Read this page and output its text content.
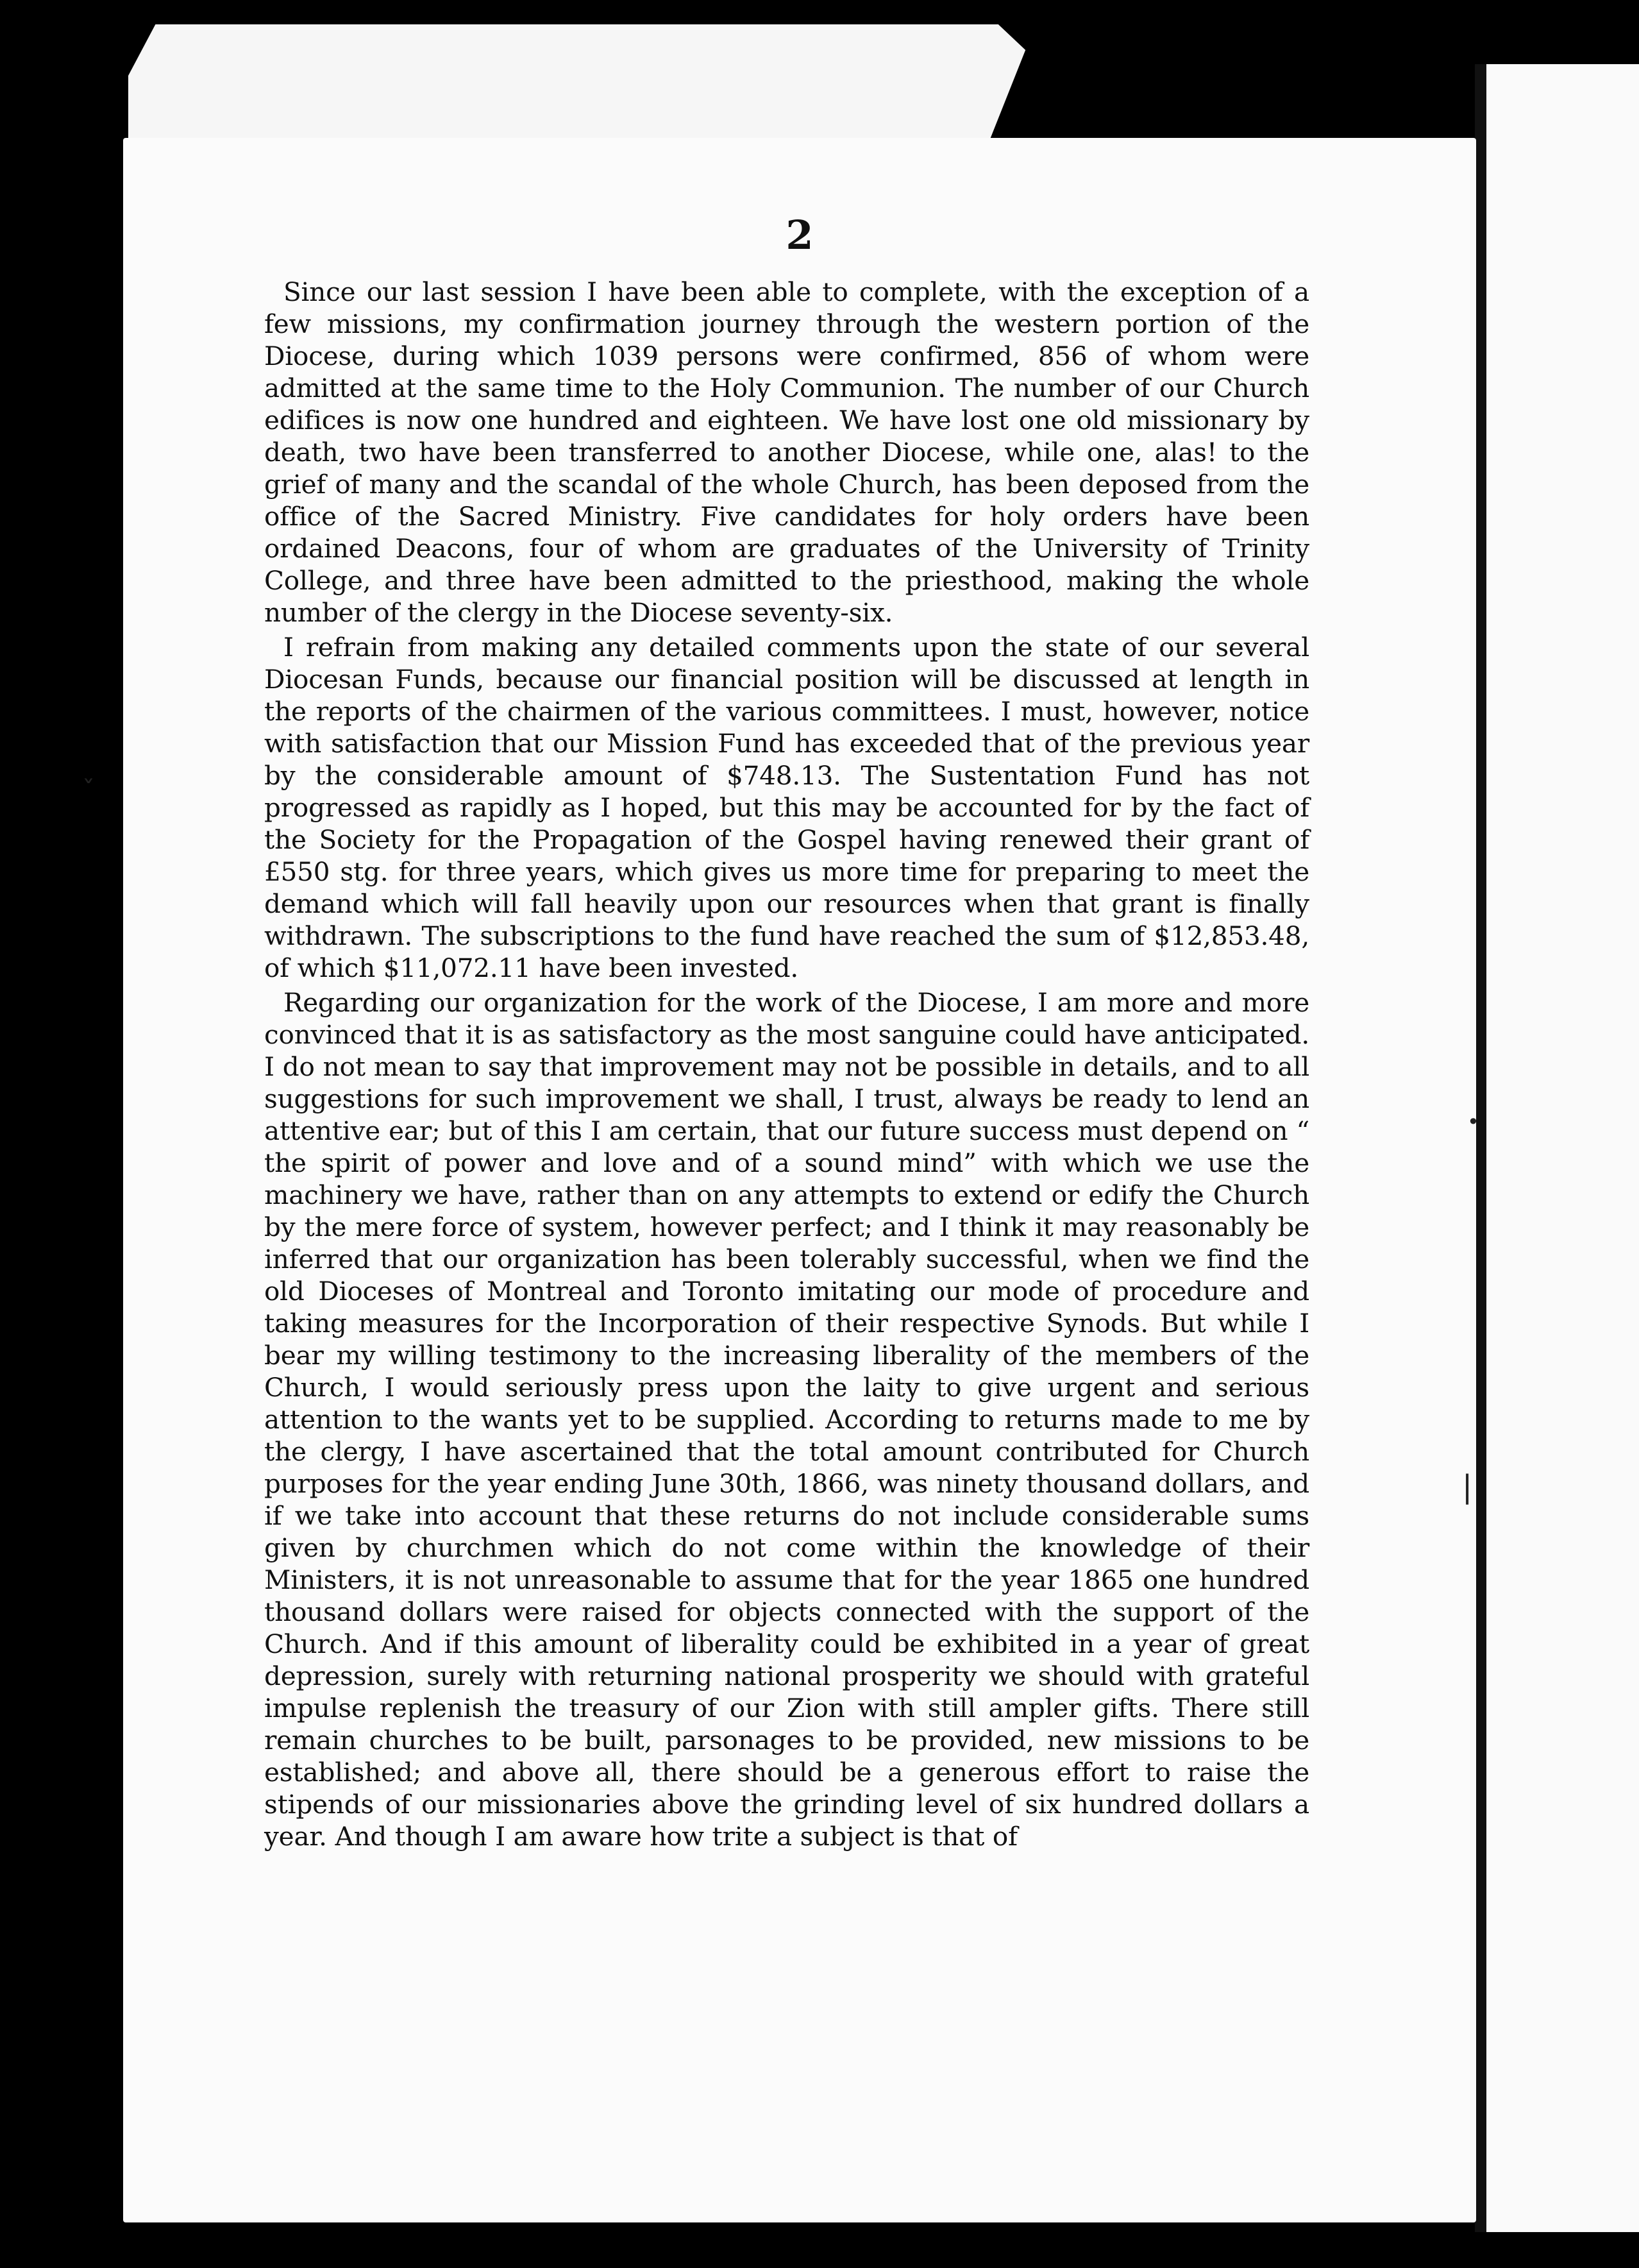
2

Since our last session I have been able to complete, with the exception of a few missions, my confirmation journey through the western portion of the Diocese, during which 1039 persons were confirmed, 856 of whom were admitted at the same time to the Holy Communion. The number of our Church edifices is now one hundred and eighteen. We have lost one old missionary by death, two have been transferred to another Diocese, while one, alas! to the grief of many and the scandal of the whole Church, has been deposed from the office of the Sacred Ministry. Five candidates for holy orders have been ordained Deacons, four of whom are graduates of the University of Trinity College, and three have been admitted to the priesthood, making the whole number of the clergy in the Diocese seventy-six.

I refrain from making any detailed comments upon the state of our several Diocesan Funds, because our financial position will be discussed at length in the reports of the chairmen of the various committees. I must, however, notice with satisfaction that our Mission Fund has exceeded that of the previous year by the considerable amount of $748.13. The Sustentation Fund has not progressed as rapidly as I hoped, but this may be accounted for by the fact of the Society for the Propagation of the Gospel having renewed their grant of £550 stg. for three years, which gives us more time for preparing to meet the demand which will fall heavily upon our resources when that grant is finally withdrawn. The subscriptions to the fund have reached the sum of $12,853.48, of which $11,072.11 have been invested.

Regarding our organization for the work of the Diocese, I am more and more convinced that it is as satisfactory as the most sanguine could have anticipated. I do not mean to say that improvement may not be possible in details, and to all suggestions for such improvement we shall, I trust, always be ready to lend an attentive ear; but of this I am certain, that our future success must depend on “ the spirit of power and love and of a sound mind” with which we use the machinery we have, rather than on any attempts to extend or edify the Church by the mere force of system, however perfect; and I think it may reasonably be inferred that our organization has been tolerably successful, when we find the old Dioceses of Montreal and Toronto imitating our mode of procedure and taking measures for the Incorporation of their respective Synods. But while I bear my willing testimony to the increasing liberality of the members of the Church, I would seriously press upon the laity to give urgent and serious attention to the wants yet to be supplied. According to returns made to me by the clergy, I have ascertained that the total amount contributed for Church purposes for the year ending June 30th, 1866, was ninety thousand dollars, and if we take into account that these returns do not include considerable sums given by churchmen which do not come within the knowledge of their Ministers, it is not unreasonable to assume that for the year 1865 one hundred thousand dollars were raised for objects connected with the support of the Church. And if this amount of liberality could be exhibited in a year of great depression, surely with returning national prosperity we should with grateful impulse replenish the treasury of our Zion with still ampler gifts. There still remain churches to be built, parsonages to be provided, new missions to be established; and above all, there should be a generous effort to raise the stipends of our missionaries above the grinding level of six hundred dollars a year. And though I am aware how trite a subject is that of

ˇ
•
|
